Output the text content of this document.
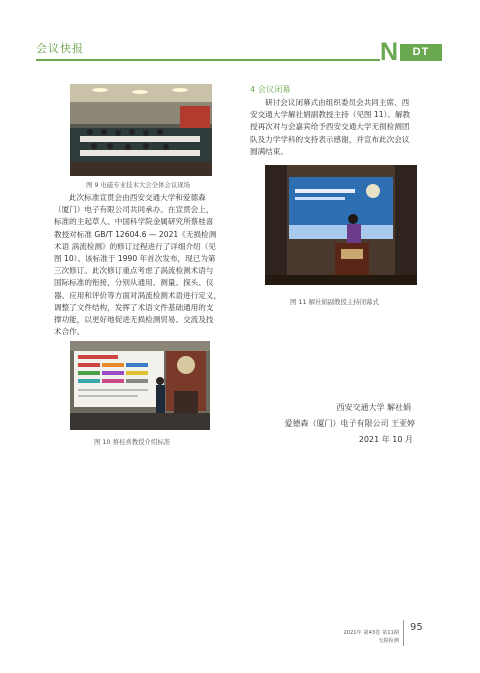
会议快报	N	DT
图 9 电磁专业技术大会全体会议现场
此次标准宣贯会由西安交通大学和爱德森
（厦门）电子有限公司共同承办。在宣贯会上，
标准的主起草人、中国科学院金属研究所蔡桂喜
教授对标准 GB/T 12604.6 — 2021《无损检测
术语 涡流检测》的修订过程进行了详细介绍（见
图 10）。该标准于 1990 年首次发布，现已为第
三次修订。此次修订重点考虑了涡流检测术语与
国际标准的衔接，分别从通用、测量、探头、仪
器、应用和评价等方面对涡流检测术语进行定义，
调整了文件结构，发挥了术语文件基础通用的支
撑功能，以更好地促进无损检测贸易、交流及技
术合作。
图 10 蔡桂喜教授介绍标准
4 会议闭幕
研讨会议闭幕式由组织委员会共同主席、西
安交通大学解社娟副教授主持（见图 11）。解教
授再次对与会嘉宾给予西安交通大学无损检测团
队及力学学科的支持表示感谢，并宣布此次会议
圆满结束。
图 11 解社娟副教授主持闭幕式
西安交通大学 解社娟
爱德森（厦门）电子有限公司 王亚婷
2021 年 10 月
2021年 第43卷 第11期
无损检测
95
